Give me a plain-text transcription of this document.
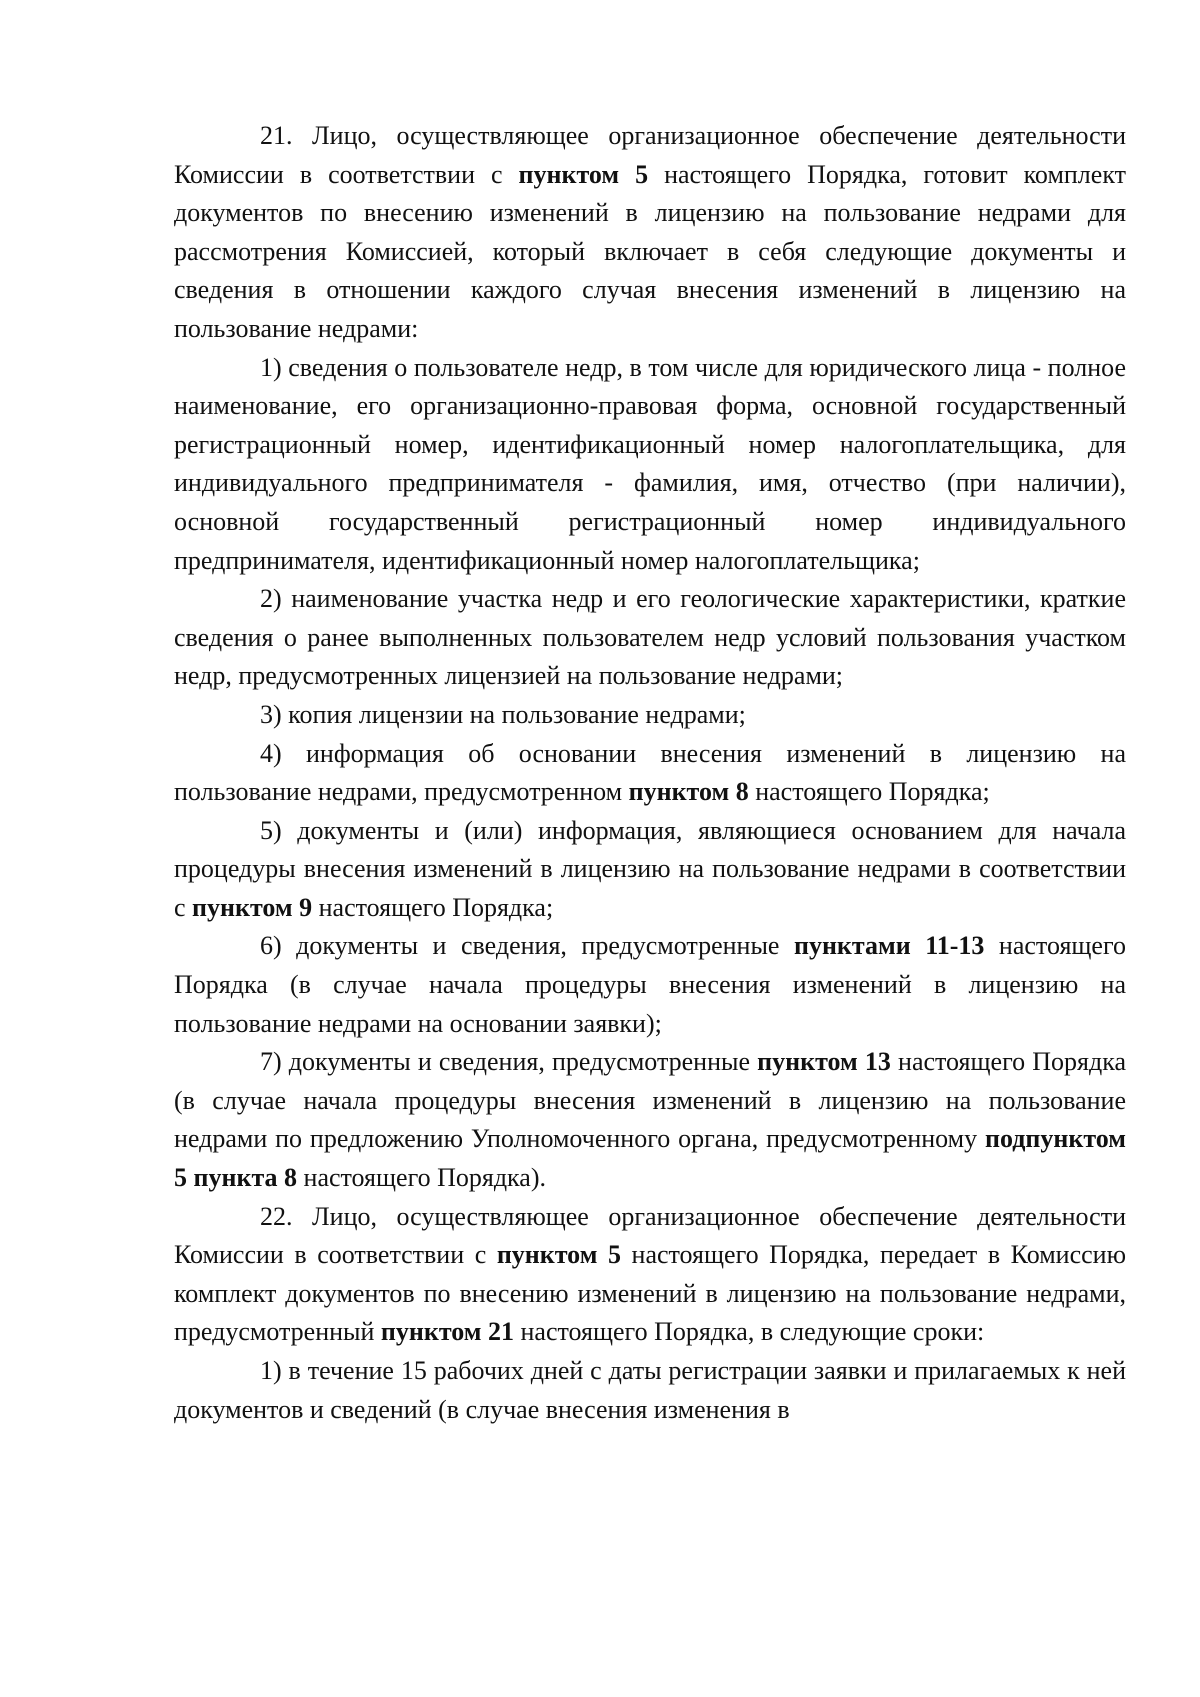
21. Лицо, осуществляющее организационное обеспечение деятельности Комиссии в соответствии с пунктом 5 настоящего Порядка, готовит комплект документов по внесению изменений в лицензию на пользование недрами для рассмотрения Комиссией, который включает в себя следующие документы и сведения в отношении каждого случая внесения изменений в лицензию на пользование недрами:

1) сведения о пользователе недр, в том числе для юридического лица - полное наименование, его организационно-правовая форма, основной государственный регистрационный номер, идентификационный номер налогоплательщика, для индивидуального предпринимателя - фамилия, имя, отчество (при наличии), основной государственный регистрационный номер индивидуального предпринимателя, идентификационный номер налогоплательщика;

2) наименование участка недр и его геологические характеристики, краткие сведения о ранее выполненных пользователем недр условий пользования участком недр, предусмотренных лицензией на пользование недрами;

3) копия лицензии на пользование недрами;

4) информация об основании внесения изменений в лицензию на пользование недрами, предусмотренном пунктом 8 настоящего Порядка;

5) документы и (или) информация, являющиеся основанием для начала процедуры внесения изменений в лицензию на пользование недрами в соответствии с пунктом 9 настоящего Порядка;

6) документы и сведения, предусмотренные пунктами 11-13 настоящего Порядка (в случае начала процедуры внесения изменений в лицензию на пользование недрами на основании заявки);

7) документы и сведения, предусмотренные пунктом 13 настоящего Порядка (в случае начала процедуры внесения изменений в лицензию на пользование недрами по предложению Уполномоченного органа, предусмотренному подпунктом 5 пункта 8 настоящего Порядка).

22. Лицо, осуществляющее организационное обеспечение деятельности Комиссии в соответствии с пунктом 5 настоящего Порядка, передает в Комиссию комплект документов по внесению изменений в лицензию на пользование недрами, предусмотренный пунктом 21 настоящего Порядка, в следующие сроки:

1) в течение 15 рабочих дней с даты регистрации заявки и прилагаемых к ней документов и сведений (в случае внесения изменения в
